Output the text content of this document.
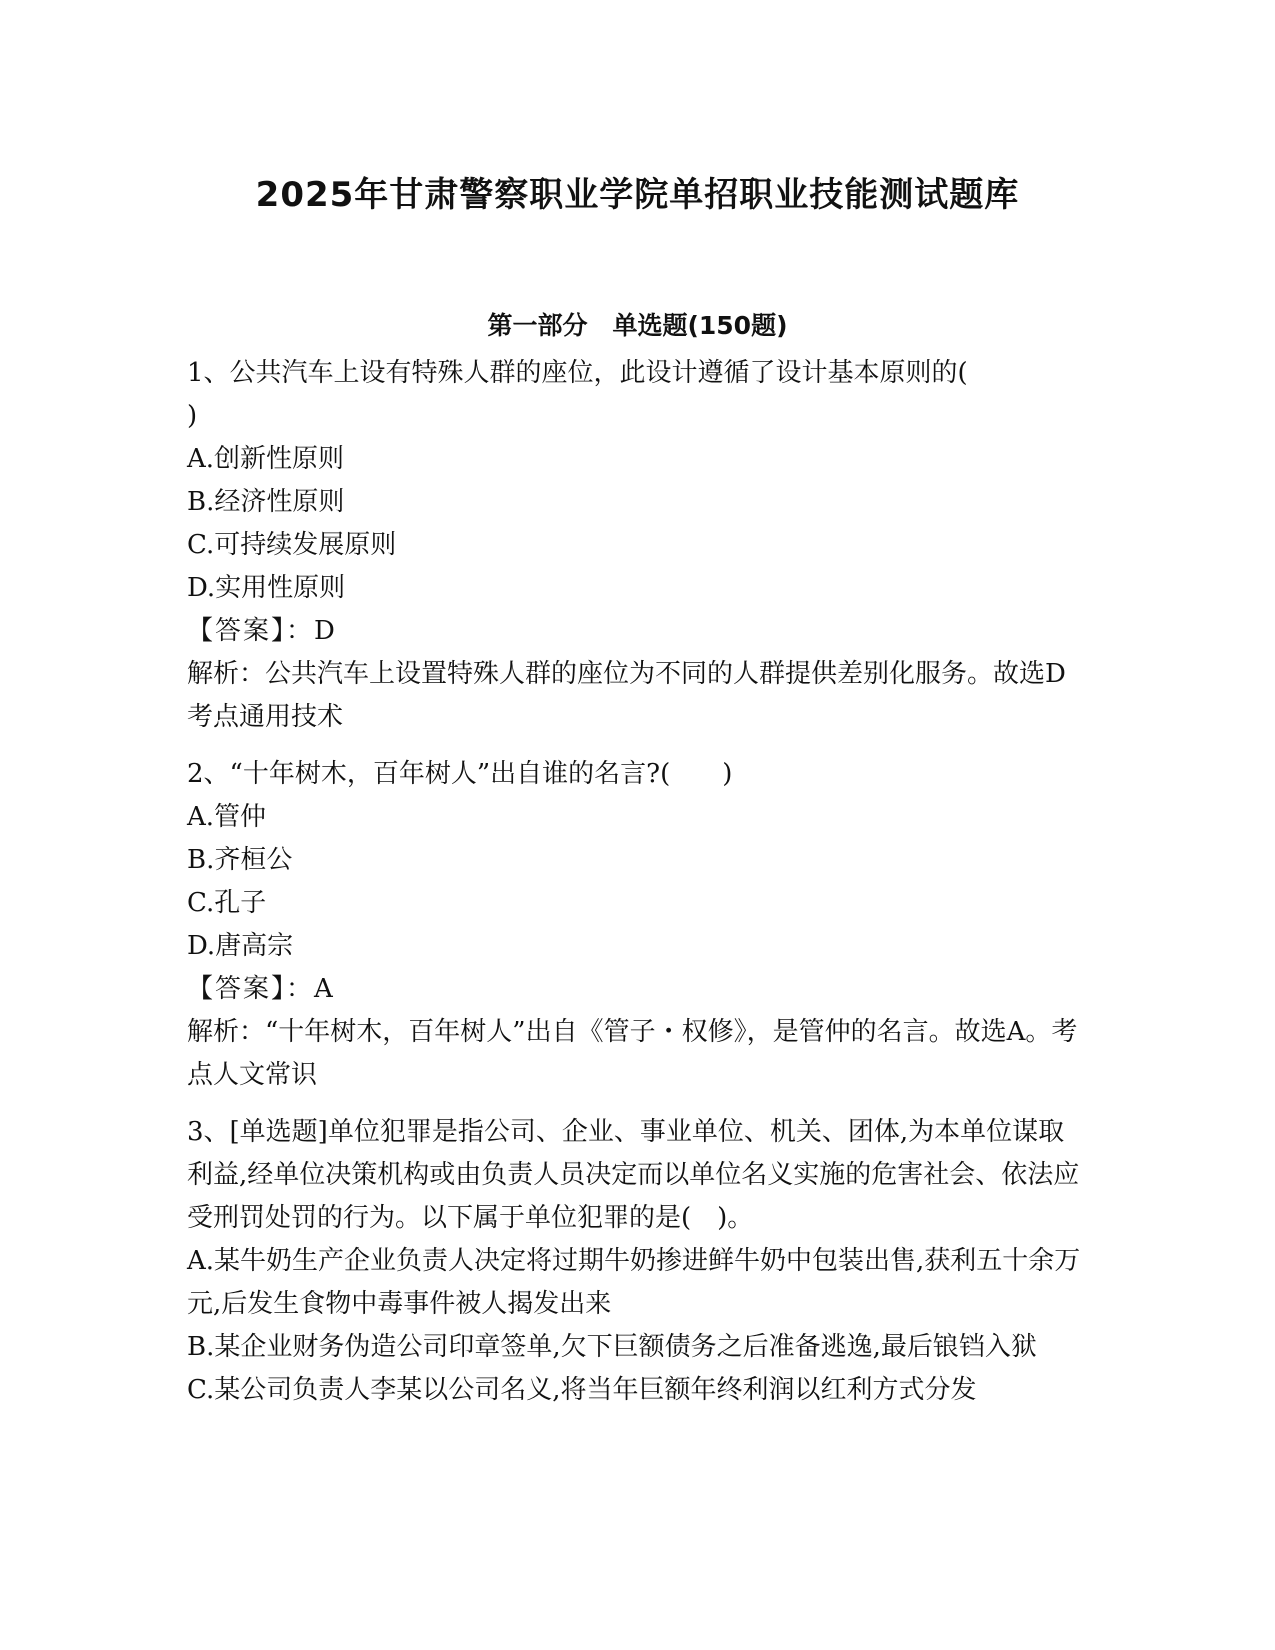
2025年甘肃警察职业学院单招职业技能测试题库
第一部分　单选题(150题)

1、公共汽车上设有特殊人群的座位，此设计遵循了设计基本原则的(
)

A.创新性原则
B.经济性原则
C.可持续发展原则
D.实用性原则

【答案】：D

解析：公共汽车上设置特殊人群的座位为不同的人群提供差别化服务。故选D考点通用技术

2、“十年树木，百年树人”出自谁的名言?(　　)

A.管仲
B.齐桓公
C.孔子
D.唐高宗

【答案】：A

解析：“十年树木，百年树人”出自《管子・权修》，是管仲的名言。故选A。考点人文常识

3、[单选题]单位犯罪是指公司、企业、事业单位、机关、团体,为本单位谋取利益,经单位决策机构或由负责人员决定而以单位名义实施的危害社会、依法应受刑罚处罚的行为。以下属于单位犯罪的是(　)。

A.某牛奶生产企业负责人决定将过期牛奶掺进鲜牛奶中包装出售,获利五十余万元,后发生食物中毒事件被人揭发出来
B.某企业财务伪造公司印章签单,欠下巨额债务之后准备逃逸,最后锒铛入狱
C.某公司负责人李某以公司名义,将当年巨额年终利润以红利方式分发
